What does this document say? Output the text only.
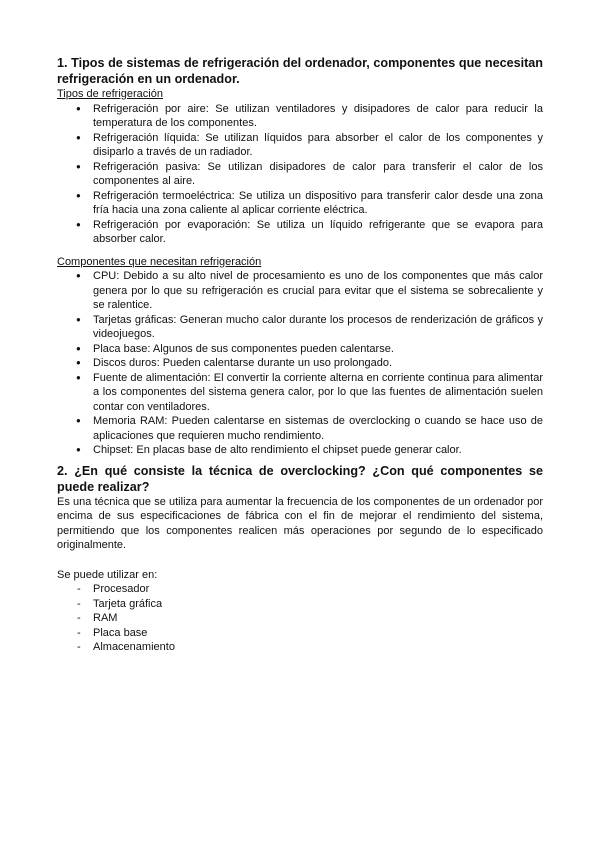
1. Tipos de sistemas de refrigeración del ordenador, componentes que necesitan refrigeración en un ordenador.

Tipos de refrigeración

● Refrigeración por aire: Se utilizan ventiladores y disipadores de calor para reducir la temperatura de los componentes.
● Refrigeración líquida: Se utilizan líquidos para absorber el calor de los componentes y disiparlo a través de un radiador.
● Refrigeración pasiva: Se utilizan disipadores de calor para transferir el calor de los componentes al aire.
● Refrigeración termoeléctrica: Se utiliza un dispositivo para transferir calor desde una zona fría hacia una zona caliente al aplicar corriente eléctrica.
● Refrigeración por evaporación: Se utiliza un líquido refrigerante que se evapora para absorber calor.

Componentes que necesitan refrigeración

● CPU: Debido a su alto nivel de procesamiento es uno de los componentes que más calor genera por lo que su refrigeración es crucial para evitar que el sistema se sobrecaliente y se ralentice.
● Tarjetas gráficas: Generan mucho calor durante los procesos de renderización de gráficos y videojuegos.
● Placa base: Algunos de sus componentes pueden calentarse.
● Discos duros: Pueden calentarse durante un uso prolongado.
● Fuente de alimentación: El convertir la corriente alterna en corriente continua para alimentar a los componentes del sistema genera calor, por lo que las fuentes de alimentación suelen contar con ventiladores.
● Memoria RAM: Pueden calentarse en sistemas de overclocking o cuando se hace uso de aplicaciones que requieren mucho rendimiento.
● Chipset: En placas base de alto rendimiento el chipset puede generar calor.
2. ¿En qué consiste la técnica de overclocking? ¿Con qué componentes se puede realizar?

Es una técnica que se utiliza para aumentar la frecuencia de los componentes de un ordenador por encima de sus especificaciones de fábrica con el fin de mejorar el rendimiento del sistema, permitiendo que los componentes realicen más operaciones por segundo de lo especificado originalmente.

Se puede utilizar en:

- Procesador
- Tarjeta gráfica
- RAM
- Placa base
- Almacenamiento
